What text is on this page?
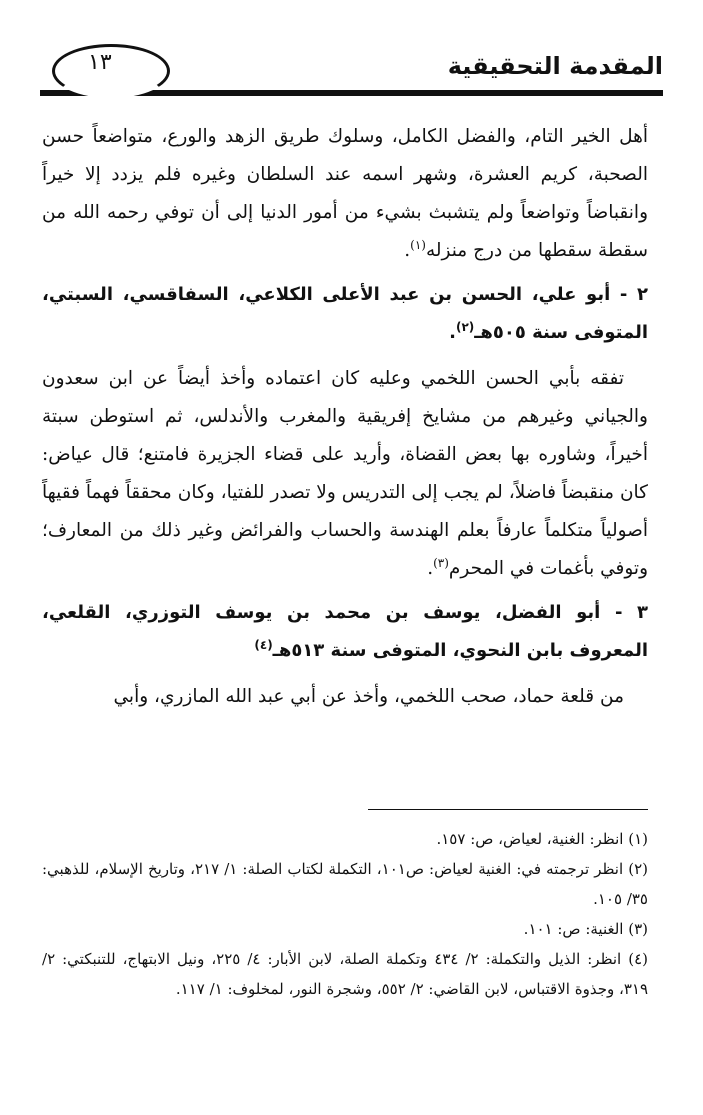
المقدمة التحقيقية
١٣

أهل الخير التام، والفضل الكامل، وسلوك طريق الزهد والورع، متواضعاً حسن الصحبة، كريم العشرة، وشهر اسمه عند السلطان وغيره فلم يزدد إلا خيراً وانقباضاً وتواضعاً ولم يتشبث بشيء من أمور الدنيا إلى أن توفي رحمه الله من سقطة سقطها من درج منزله$^{(١)}$.

٢ - أبو علي، الحسن بن عبد الأعلى الكلاعي، السفاقسي، السبتي، المتوفى سنة ٥٠٥هـ$^{(٢)}$.

تفقه بأبي الحسن اللخمي وعليه كان اعتماده وأخذ أيضاً عن ابن سعدون والجياني وغيرهم من مشايخ إفريقية والمغرب والأندلس، ثم استوطن سبتة أخيراً، وشاوره بها بعض القضاة، وأريد على قضاء الجزيرة فامتنع؛ قال عياض: كان منقبضاً فاضلاً، لم يجب إلى التدريس ولا تصدر للفتيا، وكان محققاً فهماً فقيهاً أصولياً متكلماً عارفاً بعلم الهندسة والحساب والفرائض وغير ذلك من المعارف؛ وتوفي بأغمات في المحرم$^{(٣)}$.

٣ - أبو الفضل، يوسف بن محمد بن يوسف التوزري، القلعي، المعروف بابن النحوي، المتوفى سنة ٥١٣هـ$^{(٤)}$

من قلعة حماد، صحب اللخمي، وأخذ عن أبي عبد الله المازري، وأبي

(١) انظر: الغنية، لعياض، ص: ١٥٧.

(٢) انظر ترجمته في: الغنية لعياض: ص١٠١، التكملة لكتاب الصلة: ١/ ٢١٧، وتاريخ الإسلام، للذهبي: ٣٥/ ١٠٥.

(٣) الغنية: ص: ١٠١.

(٤) انظر: الذيل والتكملة: ٢/ ٤٣٤ وتكملة الصلة، لابن الأبار: ٤/ ٢٢٥، ونيل الابتهاج، للتنبكتي: ٢/ ٣١٩، وجذوة الاقتباس، لابن القاضي: ٢/ ٥٥٢، وشجرة النور، لمخلوف: ١/ ١١٧.
